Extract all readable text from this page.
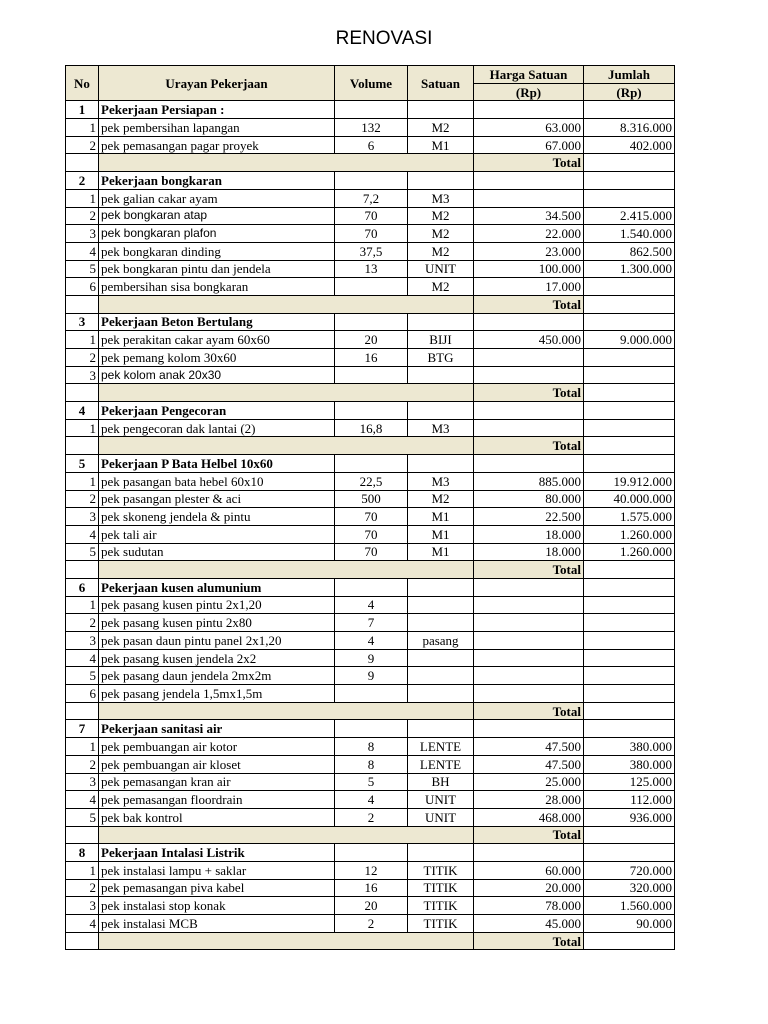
RENOVASI
No	Urayan Pekerjaan	Volume	Satuan	Harga Satuan	Jumlah
				(Rp)	(Rp)
1	Pekerjaan Persiapan :				
1	pek pembersihan lapangan	132	M2	63.000	8.316.000
2	pek pemasangan pagar proyek	6	M1	67.000	402.000
				Total	
2	Pekerjaan bongkaran				
1	pek galian cakar ayam	7,2	M3		
2	pek bongkaran atap	70	M2	34.500	2.415.000
3	pek bongkaran plafon	70	M2	22.000	1.540.000
4	pek bongkaran dinding	37,5	M2	23.000	862.500
5	pek bongkaran pintu dan jendela	13	UNIT	100.000	1.300.000
6	pembersihan sisa bongkaran		M2	17.000	
				Total	
3	Pekerjaan Beton Bertulang				
1	pek perakitan cakar ayam 60x60	20	BIJI	450.000	9.000.000
2	pek pemang kolom 30x60	16	BTG		
3	pek kolom anak 20x30				
				Total	
4	Pekerjaan Pengecoran				
1	pek pengecoran dak lantai (2)	16,8	M3		
				Total	
5	Pekerjaan P Bata Helbel 10x60				
1	pek pasangan bata hebel 60x10	22,5	M3	885.000	19.912.000
2	pek pasangan plester & aci	500	M2	80.000	40.000.000
3	pek skoneng jendela & pintu	70	M1	22.500	1.575.000
4	pek tali air	70	M1	18.000	1.260.000
5	pek sudutan	70	M1	18.000	1.260.000
				Total	
6	Pekerjaan kusen alumunium				
1	pek pasang kusen pintu 2x1,20	4			
2	pek pasang kusen pintu 2x80	7			
3	pek pasan daun pintu panel 2x1,20	4	pasang		
4	pek pasang kusen jendela 2x2	9			
5	pek pasang daun jendela 2mx2m	9			
6	pek pasang jendela 1,5mx1,5m				
				Total	
7	Pekerjaan sanitasi air				
1	pek pembuangan air kotor	8	LENTE	47.500	380.000
2	pek pembuangan air kloset	8	LENTE	47.500	380.000
3	pek pemasangan kran air	5	BH	25.000	125.000
4	pek pemasangan floordrain	4	UNIT	28.000	112.000
5	pek bak kontrol	2	UNIT	468.000	936.000
				Total	
8	Pekerjaan Intalasi Listrik				
1	pek instalasi lampu + saklar	12	TITIK	60.000	720.000
2	pek pemasangan piva kabel	16	TITIK	20.000	320.000
3	pek instalasi stop konak	20	TITIK	78.000	1.560.000
4	pek instalasi MCB	2	TITIK	45.000	90.000
				Total	
